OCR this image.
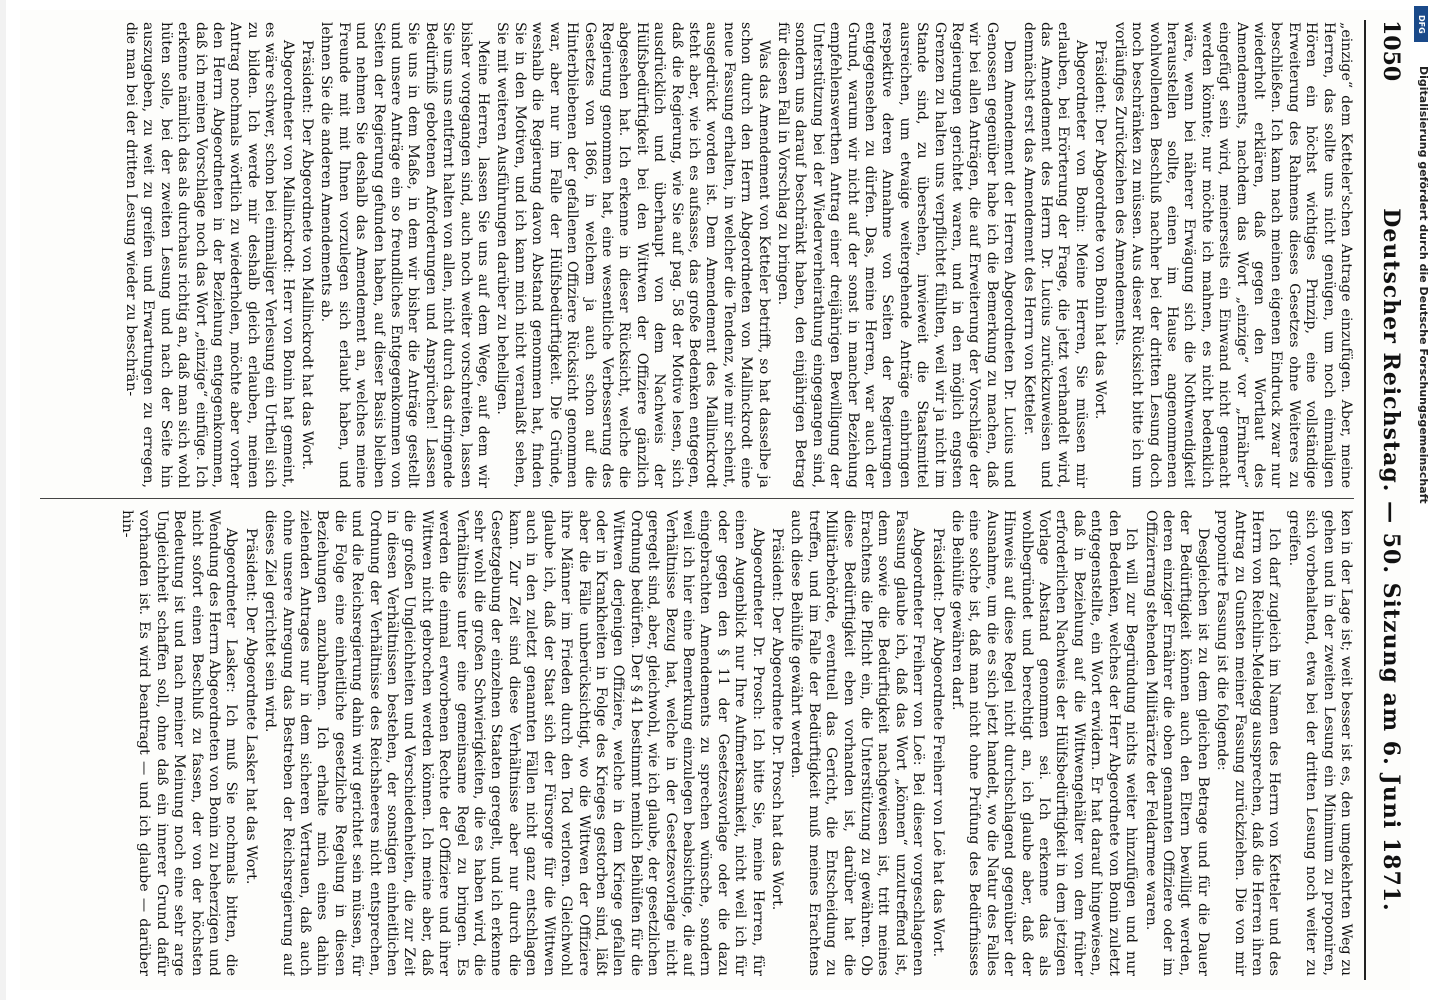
1050
Deutscher Reichstag. — 50. Sitzung am 6. Juni 1871.

„einzige“ dem Ketteler'schen Antrage einzufügen. Aber, meine Herren, das sollte uns nicht genügen, um noch einmaligen Hören ein höchst wichtiges Prinzip, eine vollständige Erweiterung des Rahmens dieses Gesetzes ohne Weiteres zu beschließen. Ich kann nach meinen eigenen Eindruck zwar nur wiederholt erklären, daß gegen den Wortlaut des Amendements, nachdem das Wort „einzige“ vor „Ernährer“ eingefügt sein wird, meinerseits ein Einwand nicht gemacht werden könnte; nur möchte ich mahnen, es nicht bedenklich wäre, wenn bei näherer Erwägung sich die Nothwendigkeit herausstellen sollte, einen im Hause angenommenen wohlwollenden Beschluß nachher bei der dritten Lesung doch noch beschränken zu müssen. Aus dieser Rücksicht bitte ich um vorläufiges Zurückziehen des Amendements.

Präsident: Der Abgeordnete von Bonin hat das Wort.

Abgeordneter von Bonin: Meine Herren, Sie müssen mir erlauben, bei Erörterung der Frage, die jetzt verhandelt wird, das Amendement des Herrn Dr. Lucius zurückzuweisen und demnächst erst das Amendement des Herrn von Ketteler.

Dem Amendement der Herren Abgeordneten Dr. Lucius und Genossen gegenüber habe ich die Bemerkung zu machen, daß wir bei allen Anträgen, die auf Erweiterung der Vorschläge der Regierungen gerichtet waren, und in den möglich engsten Grenzen zu halten uns verpflichtet fühlten, weil wir ja nicht im Stande sind, zu übersehen, inwieweit die Staatsmittel ausreichen, um etwaige weitergehende Anträge einbringen respektive deren Annahme von Seiten der Regierungen entgegensehen zu dürfen. Das, meine Herren, war auch der Grund, warum wir nicht auf der sonst in mancher Beziehung empfehlenswerthen Antrag einer dreijährigen Bewilligung der Unterstützung bei der Wiederverheirathung eingegangen sind, sondern uns darauf beschränkt haben, den einjährigen Betrag für diesen Fall in Vorschlag zu bringen.

Was das Amendement von Ketteler betrifft, so hat dasselbe ja schon durch den Herrn Abgeordneten von Mallinckrodt eine neue Fassung erhalten, in welcher die Tendenz, wie mir scheint, ausgedrückt worden ist. Dem Amendement des Mallinckrodt steht aber, wie ich es aufsasse, das große Bedenken entgegen, daß die Regierung, wie Sie auf pag. 58 der Motive lesen, sich ausdrücklich und überhaupt von dem Nachweis der Hülfsbedürftigkeit bei den Wittwen der Offiziere gänzlich abgesehen hat. Ich erkenne in dieser Rücksicht, welche die Regierung genommen hat, eine wesentliche Verbesserung des Gesetzes von 1866, in welchem ja auch schon auf die Hinterbliebenen der gefallenen Offiziere Rücksicht genommen war, aber nur im Falle der Hülfsbedürftigkeit. Die Gründe, weshalb die Regierung davon Abstand genommen hat, finden Sie in den Motiven, und ich kann mich nicht veranlaßt sehen, Sie mit weiteren Ausführungen darüber zu behelligen.

Meine Herren, lassen Sie uns auf dem Wege, auf dem wir bisher vorgegangen sind, auch noch weiter vorschreiten, lassen Sie uns uns entfernt halten von allen, nicht durch das dringende Bedürfniß gebotenen Anforderungen und Ansprüchen! Lassen Sie uns in dem Maße, in dem wir bisher die Anträge gestellt und unsere Anträge ein so freundliches Entgegenkommen von Seiten der Regierung gefunden haben, auf dieser Basis bleiben und nehmen Sie deshalb das Amendement an, welches meine Freunde mit mit Ihnen vorzulegen sich erlaubt haben, und lehnen Sie die anderen Amendements ab.

Präsident: Der Abgeordnete von Mallinckrodt hat das Wort.

Abgeordneter von Mallinckrodt: Herr von Bonin hat gemeint, es wäre schwer, schon bei einmaliger Verlesung ein Urtheil sich zu bilden. Ich werde mir deshalb gleich erlauben, meinen Antrag nochmals wörtlich zu wiederholen, möchte aber vorher den Herrn Abgeordneten in der Beziehung entgegenkommen, daß ich meinen Vorschlage noch das Wort „einzige“ einfüge. Ich erkenne nämlich das als durchaus richtig an, daß man sich wohl hüten solle, bei der zweiten Lesung und nach der Seite hin auszugeben, zu weit zu greifen und Erwartungen zu erregen, die man bei der dritten Lesung wieder zu beschrän-

ken in der Lage ist; weit besser ist es, den umgekehrten Weg zu gehen und in der zweiten Lesung ein Minimum zu proponiren, sich vorbehaltend, etwa bei der dritten Lesung noch weiter zu greifen.

Ich darf zugleich im Namen des Herrn von Ketteler und des Herrn von Reichlin-Meldegg aussprechen, daß die Herren ihren Antrag zu Gunsten meiner Fassung zurückziehen. Die von mir proponirte Fassung ist die folgende:

Desgleichen ist zu dem gleichen Betrage und für die Dauer der Bedürftigkeit können auch den Eltern bewilligt werden, deren einziger Ernährer die oben genannten Offiziere oder im Offizierrang stehenden Militärärzte der Feldarmee waren.

Ich will zur Begründung nichts weiter hinzufügen und nur den Bedenken, welches der Herr Abgeordnete von Bonin zuletzt entgegenstellte, ein Wort erwidern. Er hat darauf hingewiesen, daß in Beziehung auf die Wittwengehälter von dem früher erforderlichen Nachweis der Hülfsbedürftigkeit in dem jetzigen Vorlage Abstand genommen sei. Ich erkenne das als wohlbegründet und berechtigt an, ich glaube aber, daß der Hinweis auf diese Regel nicht durchschlagend gegenüber der Ausnahme, um die es sich jetzt handelt, wo die Natur des Falles eine solche ist, daß man nicht ohne Prüfung des Bedürfnisses die Beihülfe gewähren darf.

Präsident: Der Abgeordnete Freiherr von Loë hat das Wort.

Abgeordneter Freiherr von Loë: Bei dieser vorgeschlagenen Fassung glaube ich, daß das Wort „können“ unzutreffend ist, denn sowie die Bedürftigkeit nachgewiesen ist, tritt meines Erachtens die Pflicht ein, die Unterstützung zu gewähren. Ob diese Bedürftigkeit eben vorhanden ist, darüber hat die Militärbehörde, eventuell das Gericht, die Entscheidung zu treffen, und im Falle der Bedürftigkeit muß meines Erachtens auch diese Beihülfe gewährt werden.

Präsident: Der Abgeordnete Dr. Prosch hat das Wort.

Abgeordneter Dr. Prosch: Ich bitte Sie, meine Herren, für einen Augenblick nur Ihre Aufmerksamkeit, nicht weil ich für oder gegen den § 11 der Gesetzesvorlage oder die dazu eingebrachten Amendements zu sprechen wünsche, sondern weil ich hier eine Bemerkung einzulegen beabsichtige, die auf Verhältnisse Bezug hat, welche in der Gesetzesvorlage nicht geregelt sind, aber, gleichwohl, wie ich glaube, der gesetzlichen Ordnung bedürfen. Der § 41 bestimmt nemlich Beihülfen für die Wittwen derjenigen Offiziere, welche in dem Kriege gefallen oder in Krankheiten in Folge des Krieges gestorben sind, läßt aber die Fälle unberücksichtigt, wo die Wittwen der Offiziere ihre Männer im Frieden durch den Tod verloren. Gleichwohl glaube ich, daß der Staat sich der Fürsorge für die Wittwen auch in den zuletzt genannten Fällen nicht ganz entschlagen kann. Zur Zeit sind diese Verhältnisse aber nur durch die Gesetzgebung der einzelnen Staaten geregelt, und ich erkenne sehr wohl die großen Schwierigkeiten, die es haben wird, die Verhältnisse unter eine gemeinsame Regel zu bringen. Es werden die einmal erworbenen Rechte der Offiziere und ihrer Wittwen nicht gebrochen werden können. Ich meine aber, daß die großen Ungleichheiten und Verschiedenheiten, die zur Zeit in diesen Verhältnissen bestehen, der sonstigen einheitlichen Ordnung der Verhältnisse des Reichsheeres nicht entsprechen, und die Reichsregierung dahin wird gerichtet sein müssen, für die Folge eine einheitliche gesetzliche Regelung in diesen Beziehungen anzubahnen. Ich erhalte mich eines dahin zielenden Antrages nur in dem sicheren Vertrauen, daß auch ohne unsere Anregung das Bestreben der Reichsregierung auf dieses Ziel gerichtet sein wird.

Präsident: Der Abgeordnete Lasker hat das Wort.

Abgeordneter Lasker: Ich muß Sie nochmals bitten, die Wendung des Herrn Abgeordneten von Bonin zu beherzigen und nicht sofort einen Beschluß zu fassen, der von der höchsten Bedeutung ist und nach meiner Meinung noch eine sehr arge Ungleichheit schaffen soll, ohne daß ein innerer Grund dafür vorhanden ist. Es wird beantragt — und ich glaube — darüber hin-

DFG
Digitalisierung gefördert durch die Deutsche Forschungsgemeinschaft
